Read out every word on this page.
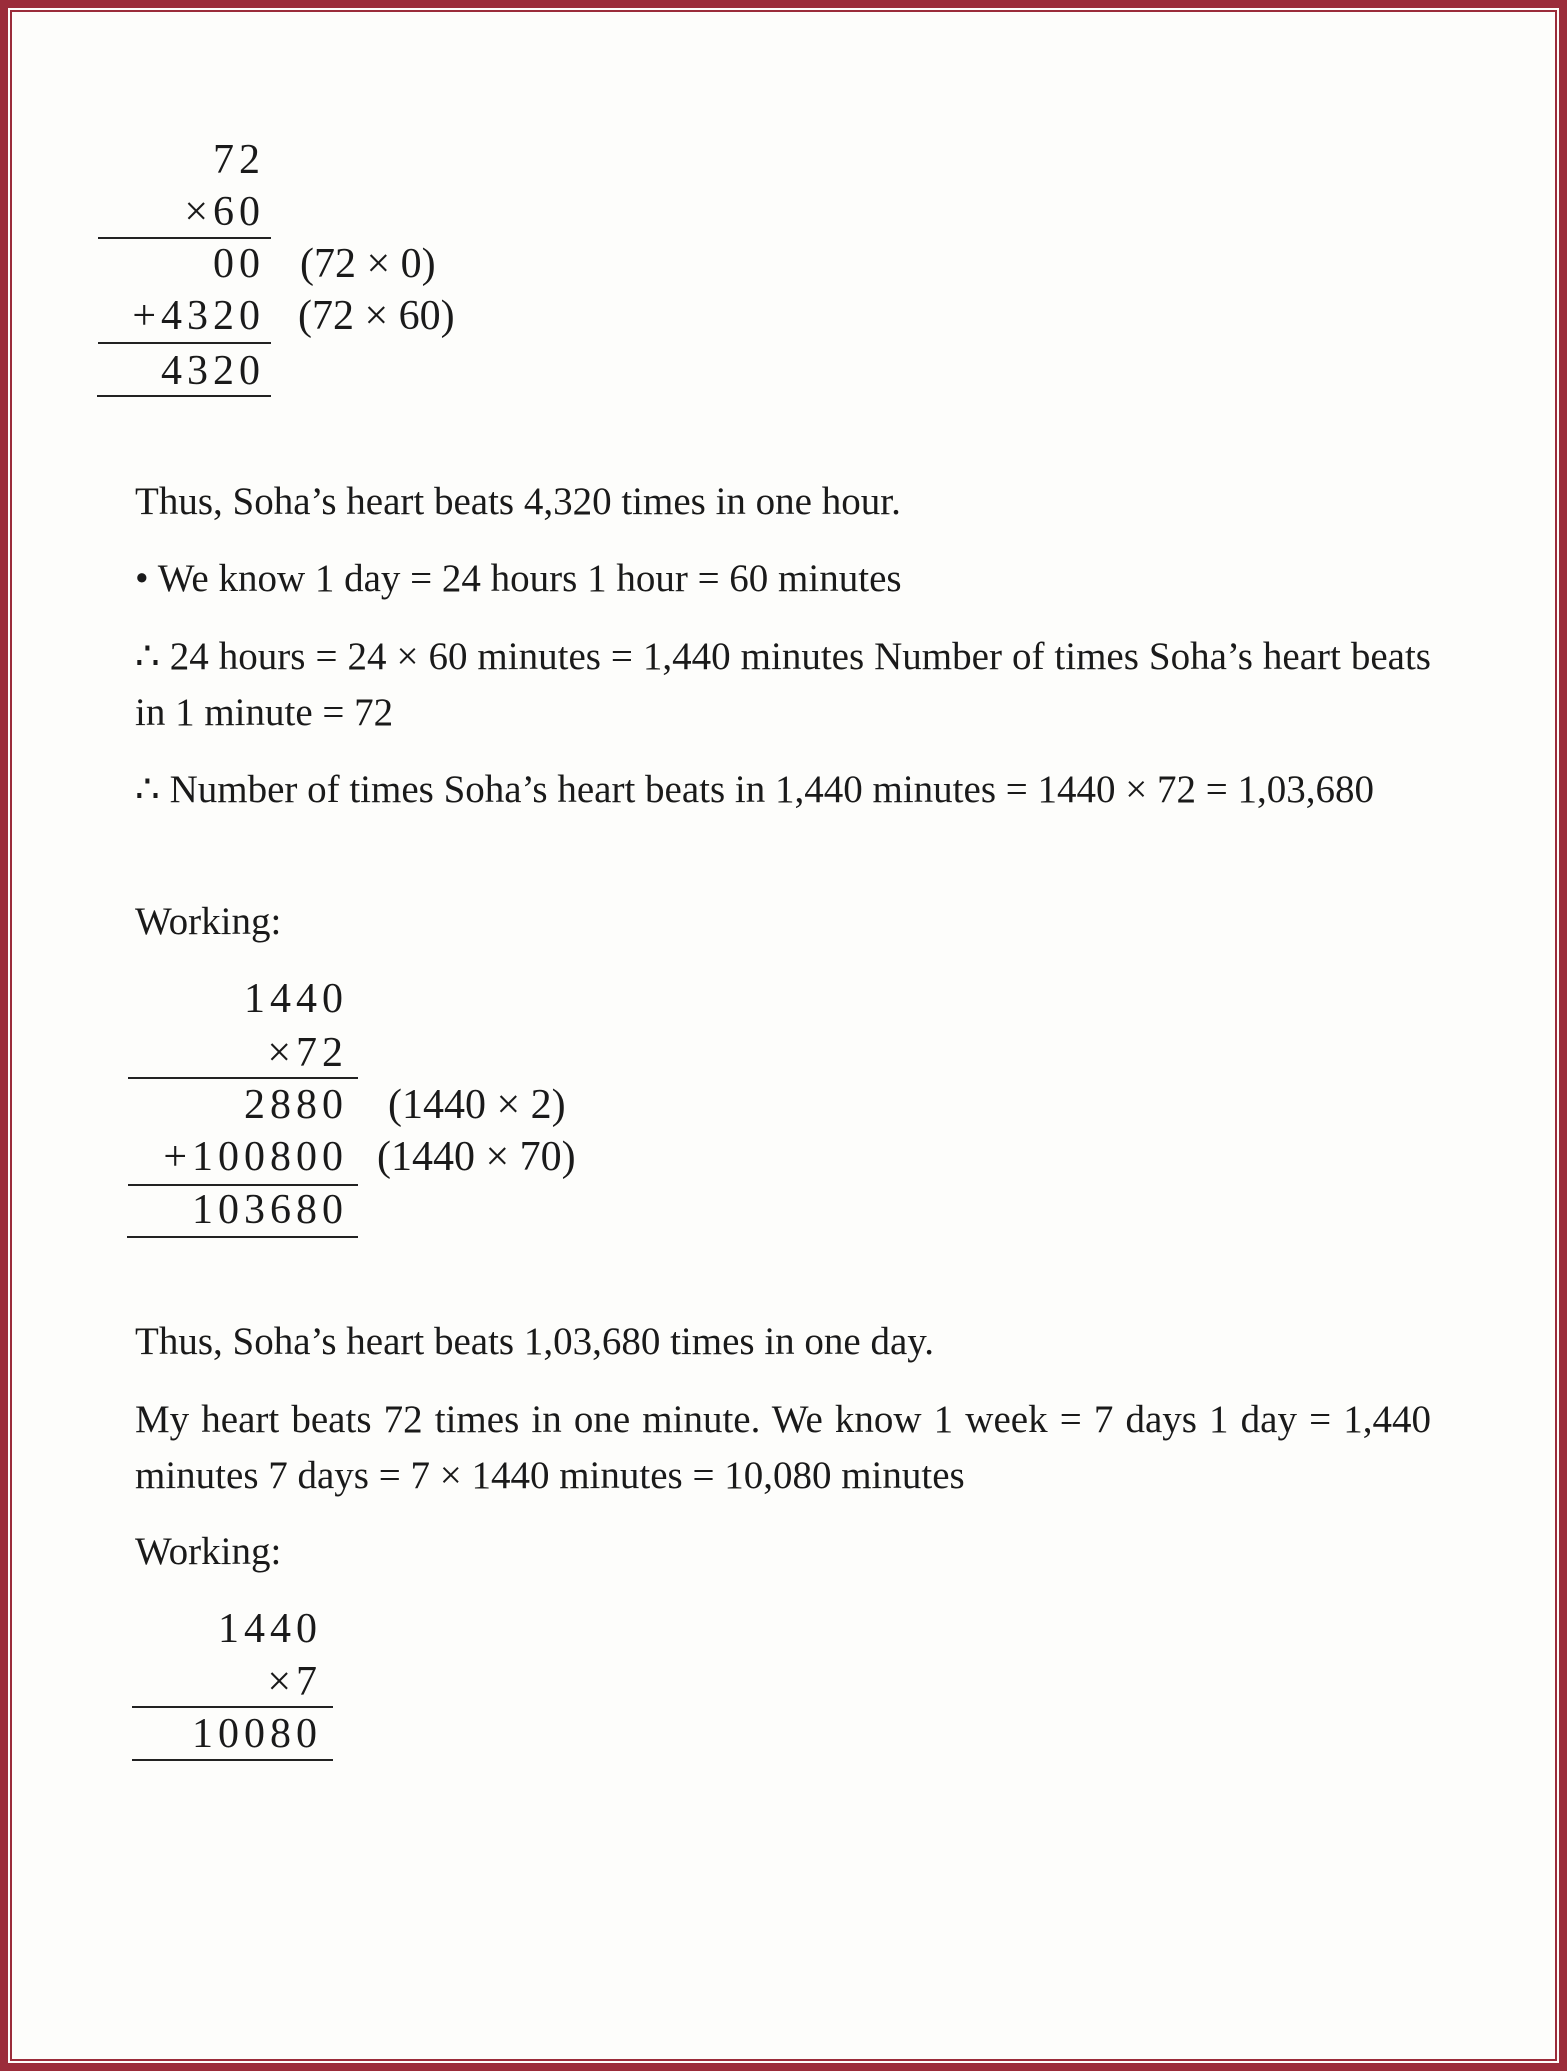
72
×60
00 (72 × 0)
+4320 (72 × 60)
4320
Thus, Soha’s heart beats 4,320 times in one hour.
• We know 1 day = 24 hours 1 hour = 60 minutes
∴ 24 hours = 24 × 60 minutes = 1,440 minutes Number of times Soha’s heart beats in 1 minute = 72
∴ Number of times Soha’s heart beats in 1,440 minutes = 1440 × 72 = 1,03,680
Working:
1440
×72
2880 (1440 × 2)
+100800 (1440 × 70)
103680
Thus, Soha’s heart beats 1,03,680 times in one day.
My heart beats 72 times in one minute. We know 1 week = 7 days 1 day = 1,440 minutes 7 days = 7 × 1440 minutes = 10,080 minutes
Working:
1440
×7
10080
